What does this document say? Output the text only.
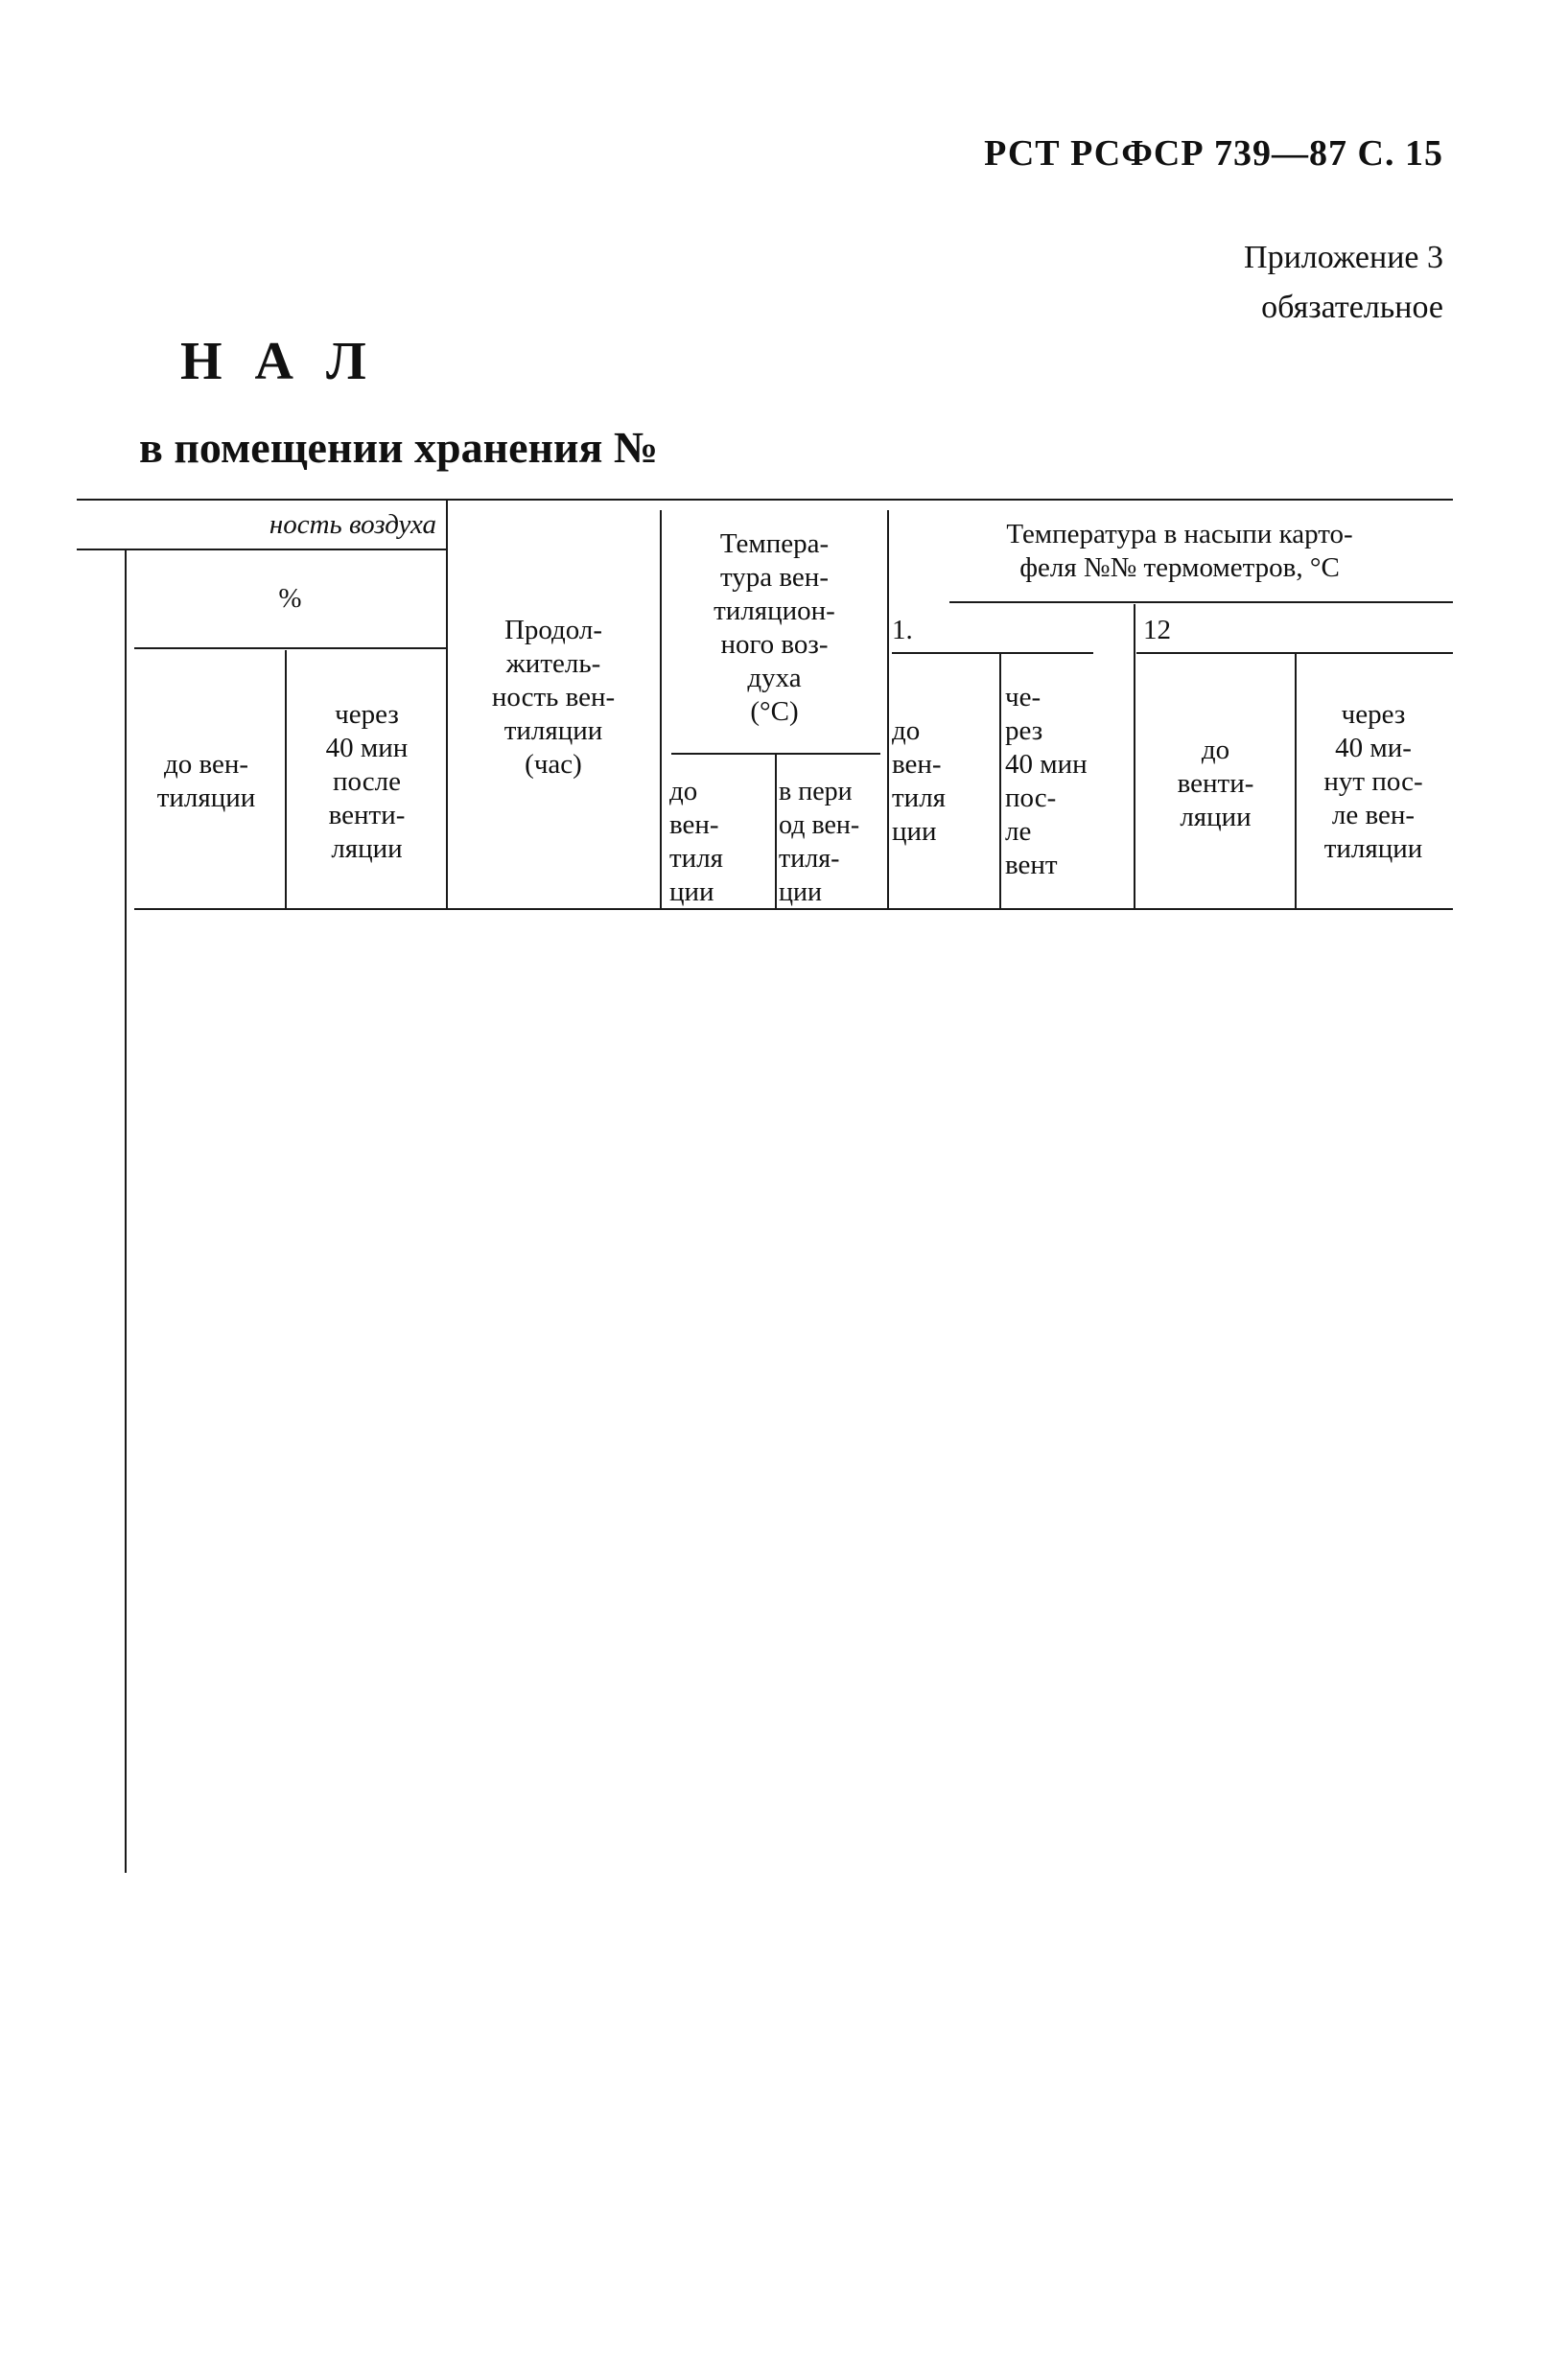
РСТ РСФСР 739—87 С. 15
Приложение 3
обязательное
Н А Л
в помещении хранения №
ность воздуха
%
до вен-
тиляции
через
40 мин
после
венти-
ляции
Продол-
житель-
ность вен-
тиляции
(час)
Темпера-
тура вен-
тиляцион-
ного воз-
духа
(°С)
до
вен-
тиля
ции
в пери
од вен-
тиля-
ции
Температура в насыпи карто-
феля №№ термометров, °С
1.	12
до
вен-
тиля
ции
че-
рез
40 мин
пос-
ле
вент
до
венти-
ляции
через
40 ми-
нут пос-
ле вен-
тиляции
